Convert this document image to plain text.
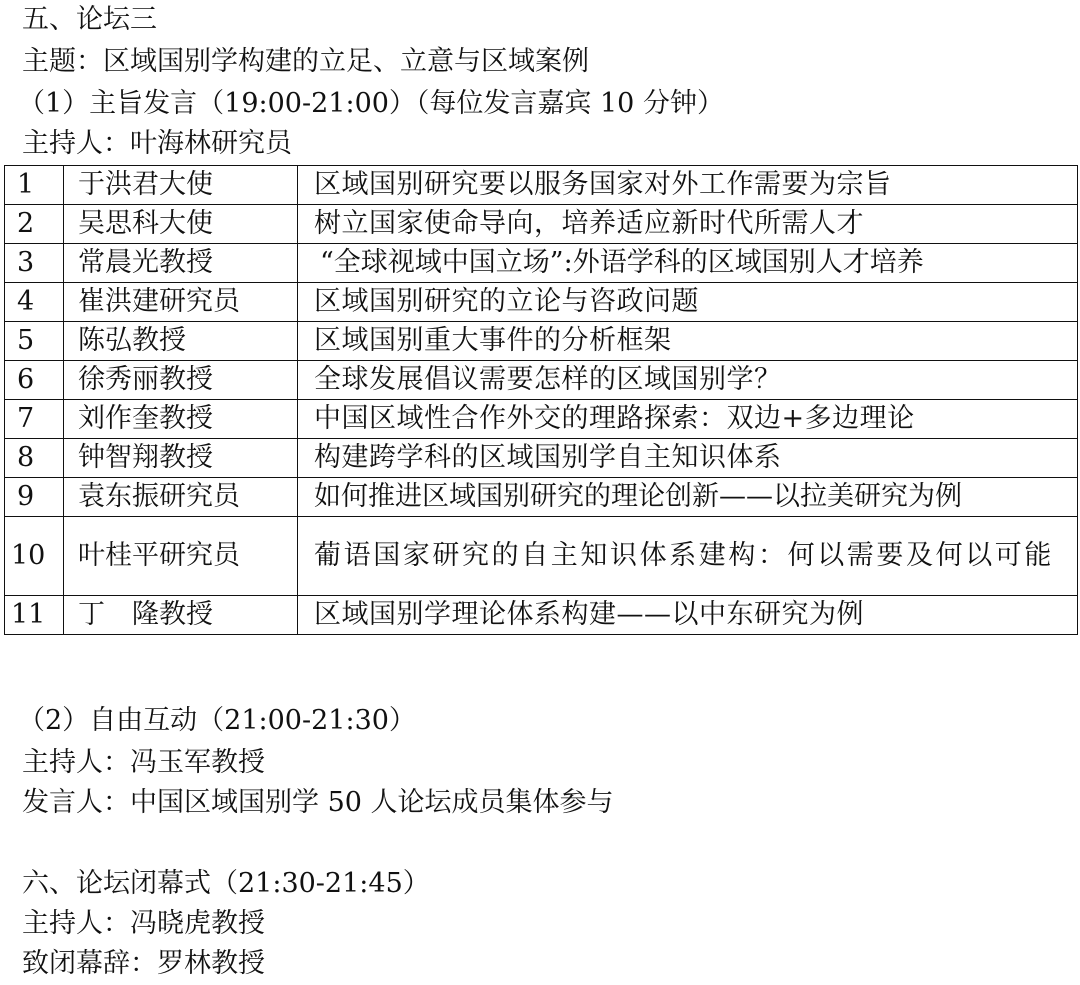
五、论坛三
主题：区域国别学构建的立足、立意与区域案例
（1）主旨发言（19:00-21:00）（每位发言嘉宾 10 分钟）
主持人：叶海林研究员
1	于洪君大使	区域国别研究要以服务国家对外工作需要为宗旨
2	吴思科大使	树立国家使命导向，培养适应新时代所需人才
3	常晨光教授	“全球视域中国立场”:外语学科的区域国别人才培养
4	崔洪建研究员	区域国别研究的立论与咨政问题
5	陈弘教授	区域国别重大事件的分析框架
6	徐秀丽教授	全球发展倡议需要怎样的区域国别学？
7	刘作奎教授	中国区域性合作外交的理路探索：双边+多边理论
8	钟智翔教授	构建跨学科的区域国别学自主知识体系
9	袁东振研究员	如何推进区域国别研究的理论创新——以拉美研究为例
10	叶桂平研究员	葡语国家研究的自主知识体系建构：何以需要及何以可能
11	丁　隆教授	区域国别学理论体系构建——以中东研究为例
（2）自由互动（21:00-21:30）
主持人：冯玉军教授
发言人：中国区域国别学 50 人论坛成员集体参与
六、论坛闭幕式（21:30-21:45）
主持人：冯晓虎教授
致闭幕辞：罗林教授
